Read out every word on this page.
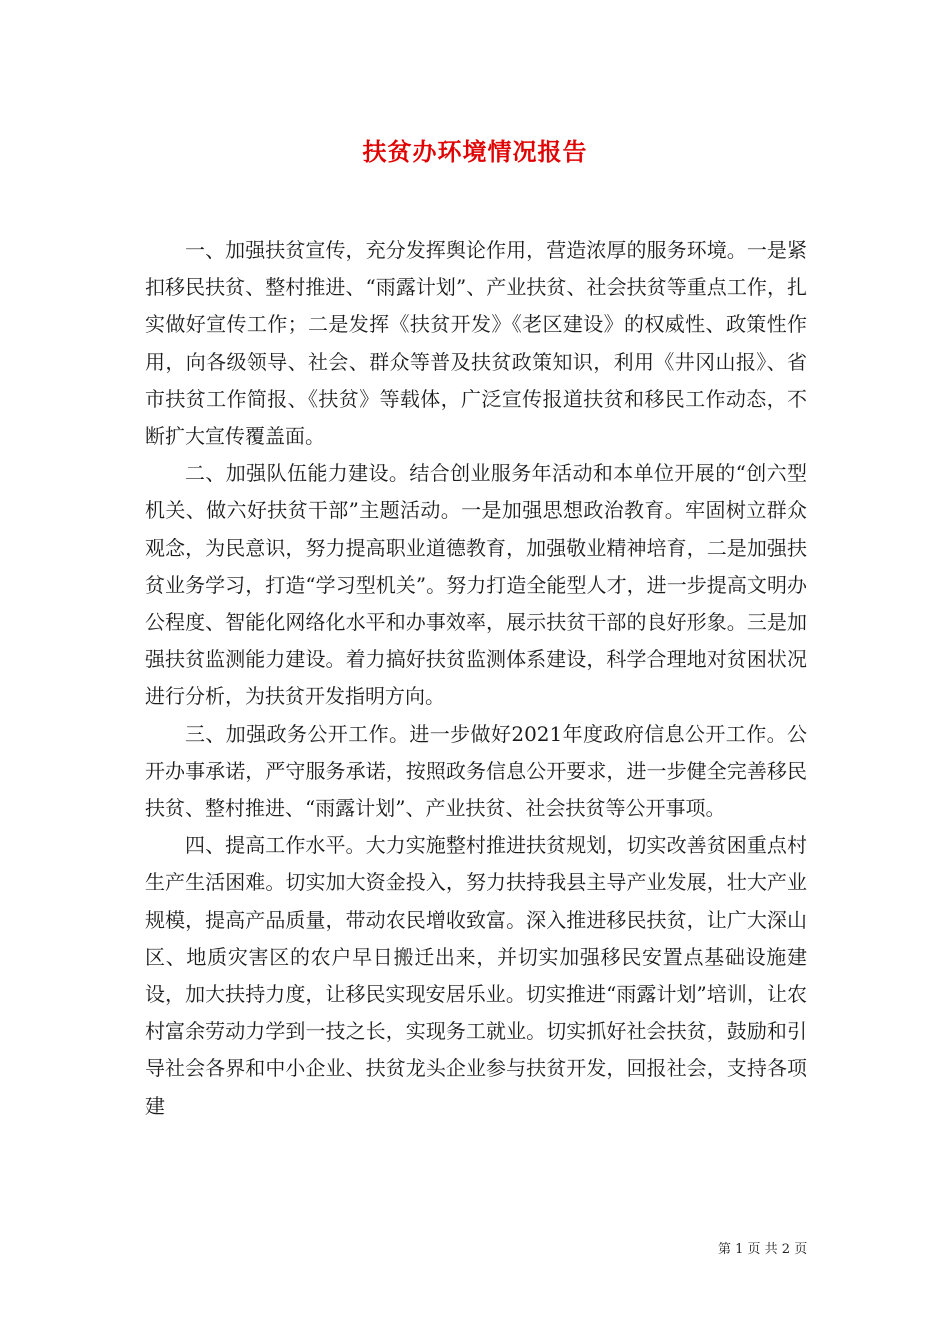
扶贫办环境情况报告

一、加强扶贫宣传，充分发挥舆论作用，营造浓厚的服务环境。一是紧扣移民扶贫、整村推进、“雨露计划”、产业扶贫、社会扶贫等重点工作，扎实做好宣传工作；二是发挥《扶贫开发》《老区建设》的权威性、政策性作用，向各级领导、社会、群众等普及扶贫政策知识，利用《井冈山报》、省市扶贫工作简报、《扶贫》等载体，广泛宣传报道扶贫和移民工作动态，不断扩大宣传覆盖面。

二、加强队伍能力建设。结合创业服务年活动和本单位开展的“创六型机关、做六好扶贫干部”主题活动。一是加强思想政治教育。牢固树立群众观念，为民意识，努力提高职业道德教育，加强敬业精神培育，二是加强扶贫业务学习，打造“学习型机关”。努力打造全能型人才，进一步提高文明办公程度、智能化网络化水平和办事效率，展示扶贫干部的良好形象。三是加强扶贫监测能力建设。着力搞好扶贫监测体系建设，科学合理地对贫困状况进行分析，为扶贫开发指明方向。

三、加强政务公开工作。进一步做好2021年度政府信息公开工作。公开办事承诺，严守服务承诺，按照政务信息公开要求，进一步健全完善移民扶贫、整村推进、“雨露计划”、产业扶贫、社会扶贫等公开事项。

四、提高工作水平。大力实施整村推进扶贫规划，切实改善贫困重点村生产生活困难。切实加大资金投入，努力扶持我县主导产业发展，壮大产业规模，提高产品质量，带动农民增收致富。深入推进移民扶贫，让广大深山区、地质灾害区的农户早日搬迁出来，并切实加强移民安置点基础设施建设，加大扶持力度，让移民实现安居乐业。切实推进“雨露计划”培训，让农村富余劳动力学到一技之长，实现务工就业。切实抓好社会扶贫，鼓励和引导社会各界和中小企业、扶贫龙头企业参与扶贫开发，回报社会，支持各项建

第 1 页 共 2 页
